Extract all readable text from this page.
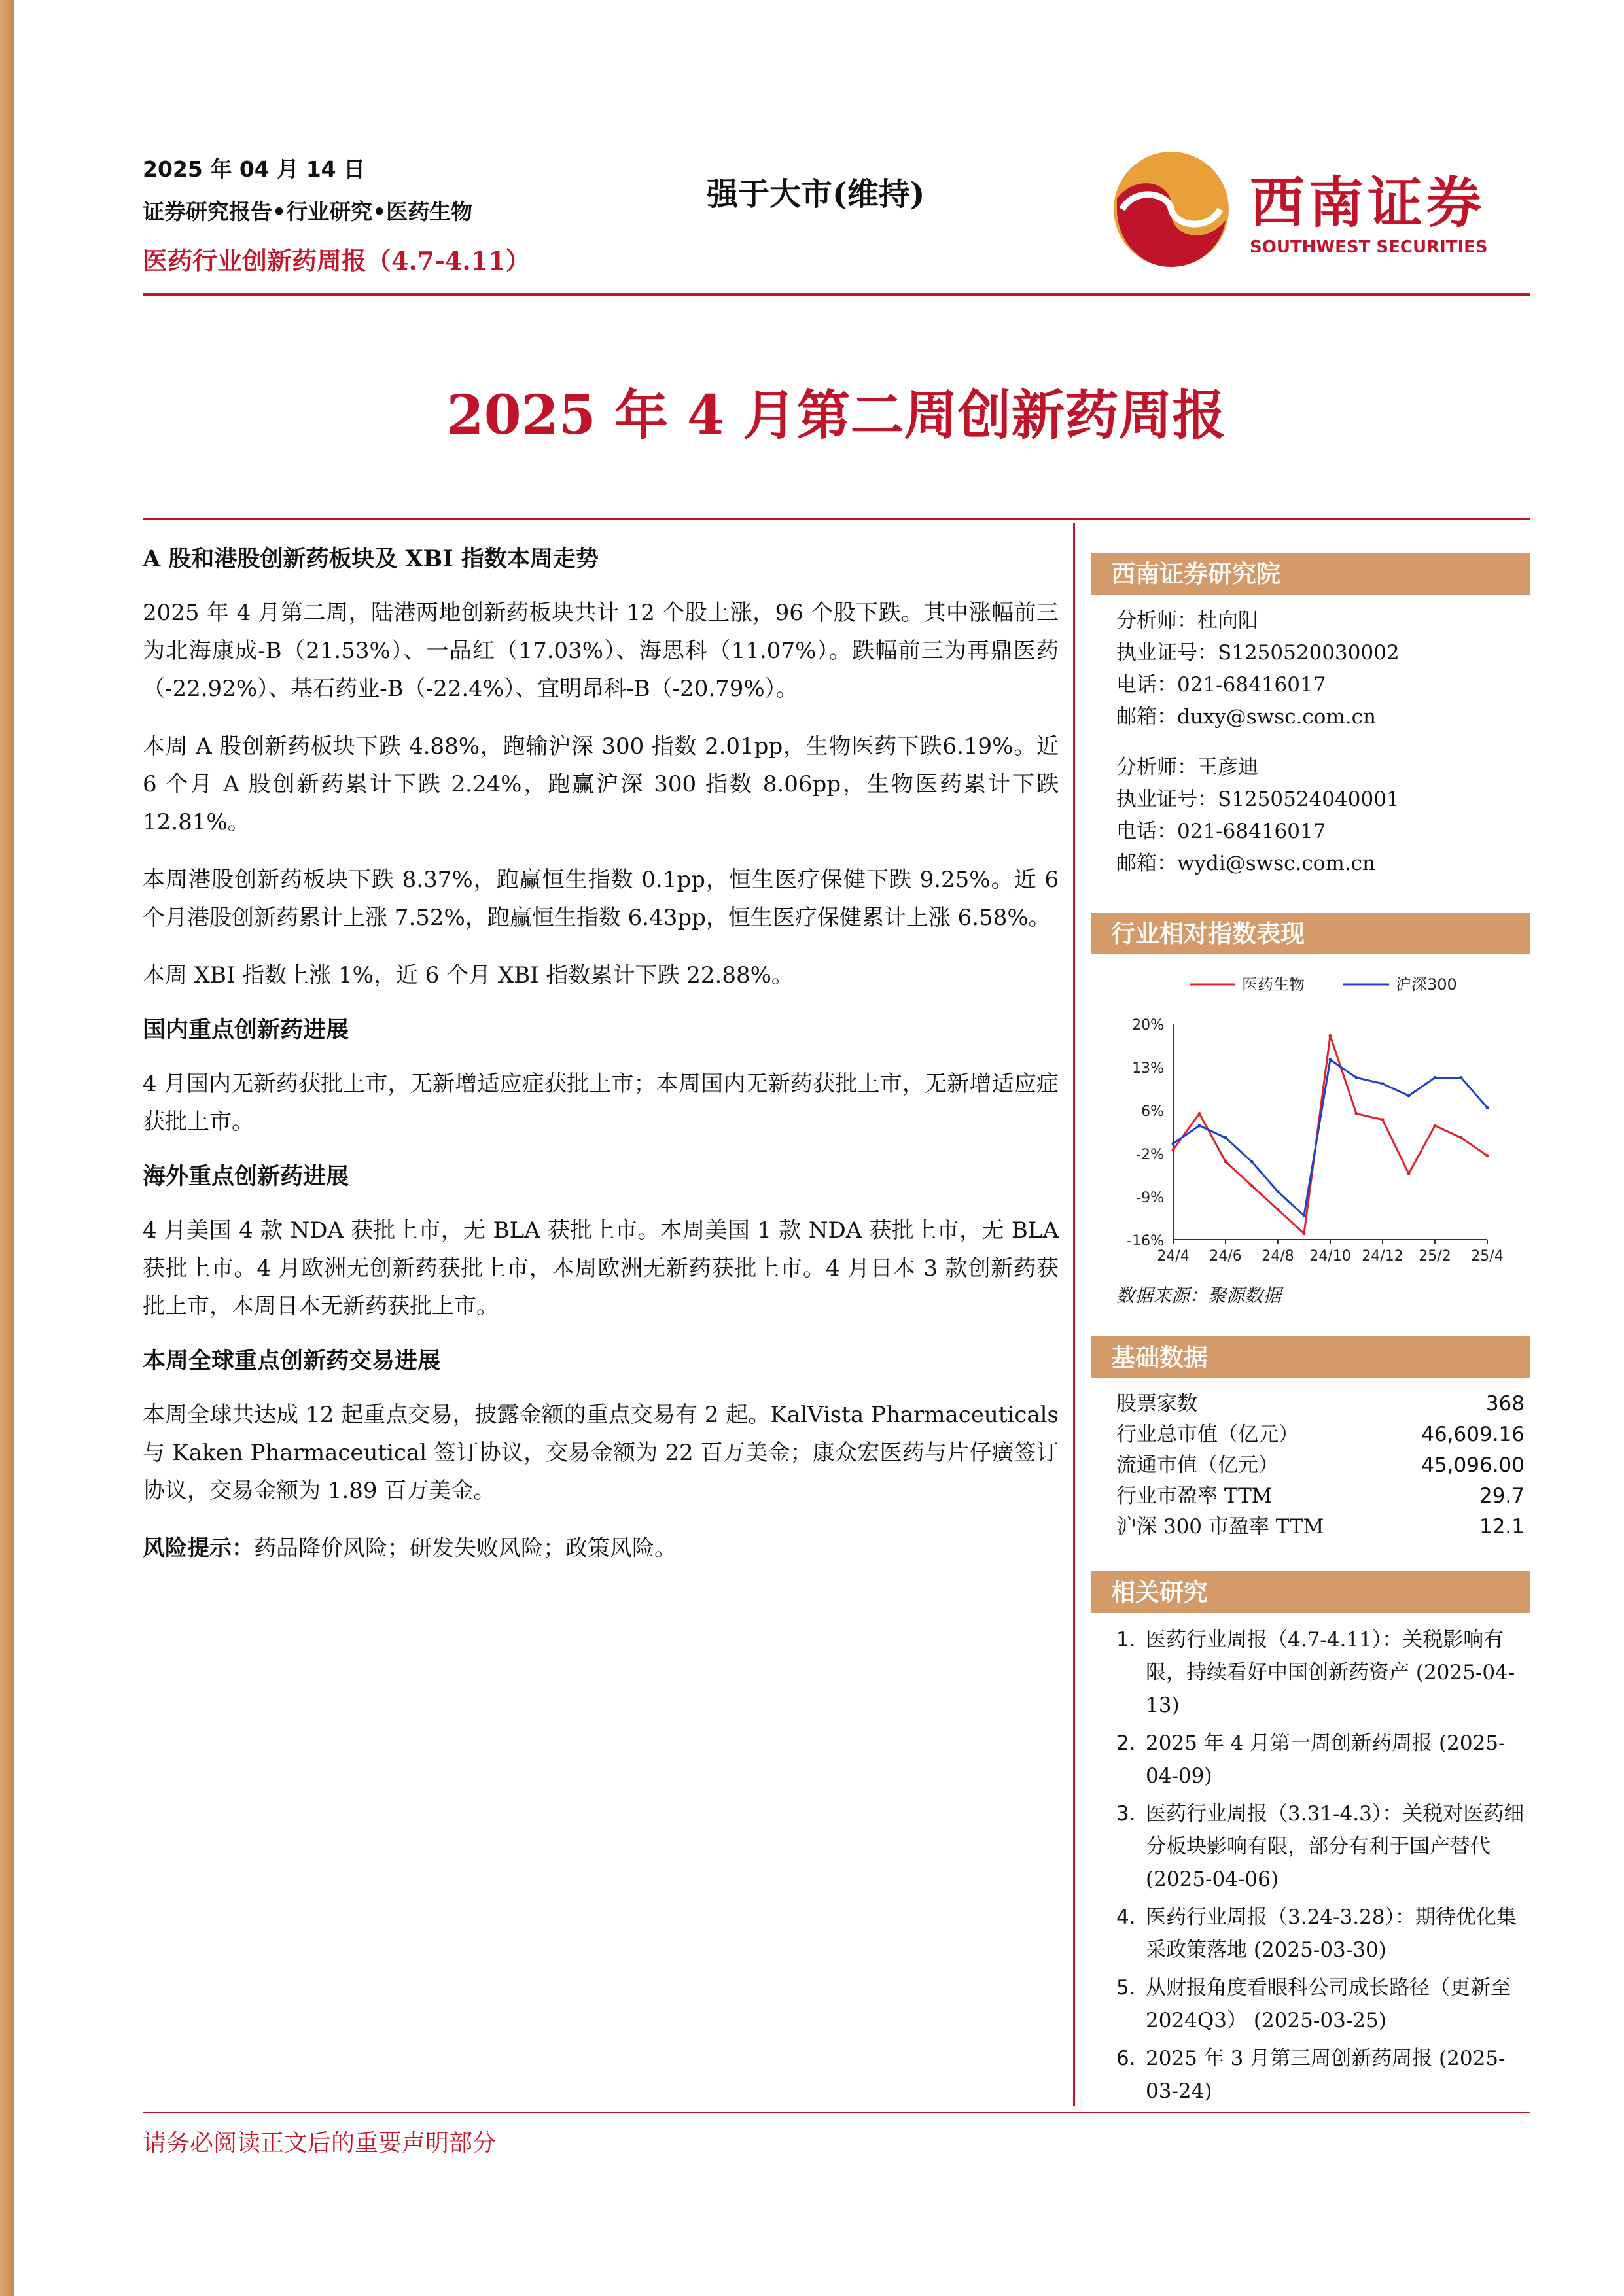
2025 年 04 月 14 日
证券研究报告•行业研究•医药生物
医药行业创新药周报（4.7-4.11）
强于大市(维持)	西南证券
SOUTHWEST SECURITIES
2025 年 4 月第二周创新药周报
A 股和港股创新药板块及 XBI 指数本周走势

2025 年 4 月第二周，陆港两地创新药板块共计 12 个股上涨，96 个股下跌。其中涨幅前三为北海康成-B（21.53%）、一品红（17.03%）、海思科（11.07%）。跌幅前三为再鼎医药（-22.92%）、基石药业-B（-22.4%）、宜明昂科-B（-20.79%）。

本周 A 股创新药板块下跌 4.88%，跑输沪深 300 指数 2.01pp，生物医药下跌6.19%。近 6 个月 A 股创新药累计下跌 2.24%，跑赢沪深 300 指数 8.06pp，生物医药累计下跌 12.81%。

本周港股创新药板块下跌 8.37%，跑赢恒生指数 0.1pp，恒生医疗保健下跌 9.25%。近 6 个月港股创新药累计上涨 7.52%，跑赢恒生指数 6.43pp，恒生医疗保健累计上涨 6.58%。

本周 XBI 指数上涨 1%，近 6 个月 XBI 指数累计下跌 22.88%。

国内重点创新药进展

4 月国内无新药获批上市，无新增适应症获批上市；本周国内无新药获批上市，无新增适应症获批上市。

海外重点创新药进展

4 月美国 4 款 NDA 获批上市，无 BLA 获批上市。本周美国 1 款 NDA 获批上市，无 BLA 获批上市。4 月欧洲无创新药获批上市，本周欧洲无新药获批上市。4 月日本 3 款创新药获批上市，本周日本无新药获批上市。

本周全球重点创新药交易进展

本周全球共达成 12 起重点交易，披露金额的重点交易有 2 起。KalVista Pharmaceuticals 与 Kaken Pharmaceutical 签订协议，交易金额为 22 百万美金；康众宏医药与片仔癀签订协议，交易金额为 1.89 百万美金。

风险提示：药品降价风险；研发失败风险；政策风险。

西南证券研究院
分析师：杜向阳
执业证号：S1250520030002
电话：021-68416017
邮箱：duxy@swsc.com.cn
分析师：王彦迪
执业证号：S1250524040001
电话：021-68416017
邮箱：wydi@swsc.com.cn
行业相对指数表现
20%
13%
6%
-2%
-9%
-16%
24/4 24/6 24/8 24/10 24/12 25/2 25/4
医药生物	沪深300
数据来源：聚源数据
基础数据
股票家数	368
行业总市值（亿元）	46,609.16
流通市值（亿元）	45,096.00
行业市盈率 TTM	29.7
沪深 300 市盈率 TTM	12.1
相关研究
1. 医药行业周报（4.7-4.11）：关税影响有限，持续看好中国创新药资产 (2025-04-13)
2. 2025 年 4 月第一周创新药周报 (2025-04-09)
3. 医药行业周报（3.31-4.3）：关税对医药细分板块影响有限，部分有利于国产替代 (2025-04-06)
4. 医药行业周报（3.24-3.28）：期待优化集采政策落地 (2025-03-30)
5. 从财报角度看眼科公司成长路径（更新至 2024Q3） (2025-03-25)
6. 2025 年 3 月第三周创新药周报 (2025-03-24)
请务必阅读正文后的重要声明部分
